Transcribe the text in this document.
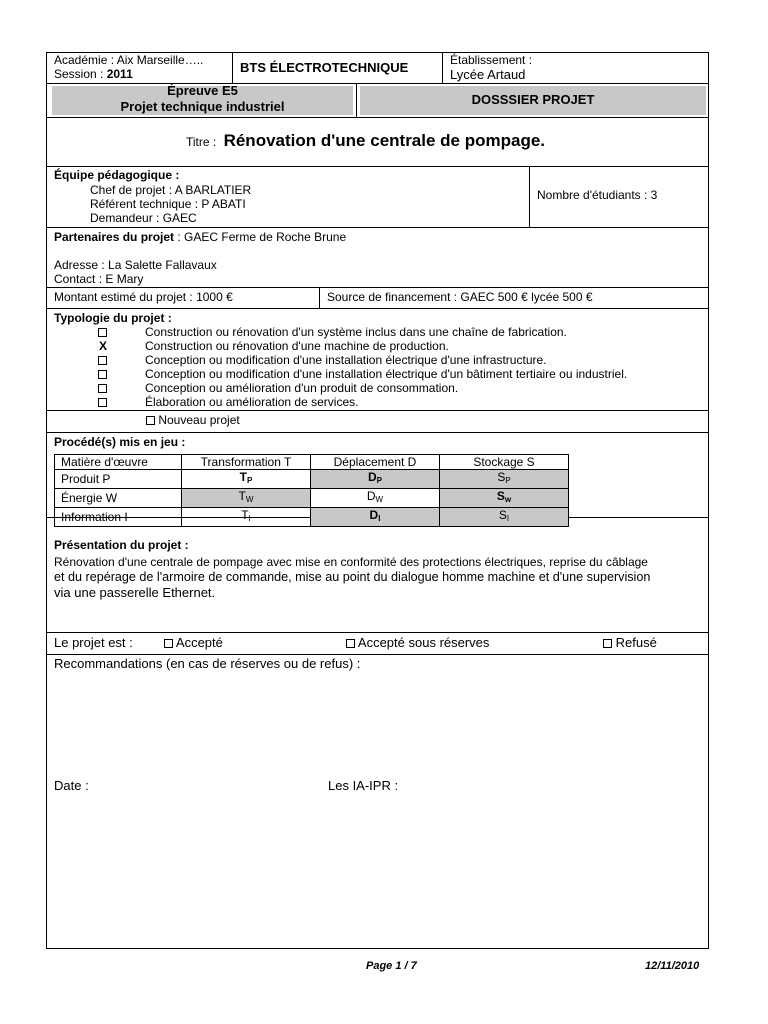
Académie : Aix Marseille…..
Session : 2011	BTS ÉLECTROTECHNIQUE	Établissement :
Lycée Artaud
Épreuve E5
Projet technique industriel	DOSSSIER PROJET
Titre : Rénovation d'une centrale de pompage.
Équipe pédagogique :
Chef de projet : A BARLATIER
Référent technique : P ABATI
Demandeur : GAEC
Nombre d'étudiants : 3
Partenaires du projet : GAEC Ferme de Roche Brune
Adresse : La Salette Fallavaux
Contact : E Mary
Montant estimé du projet : 1000 €	Source de financement : GAEC 500 € lycée 500 €
Typologie du projet :
Construction ou rénovation d'un système inclus dans une chaîne de fabrication.
X	Construction ou rénovation d'une machine de production.
Conception ou modification d'une installation électrique d'une infrastructure.
Conception ou modification d'une installation électrique d'un bâtiment tertiaire ou industriel.
Conception ou amélioration d'un produit de consommation.
Élaboration ou amélioration de services.
Nouveau projet
Procédé(s) mis en jeu :
Matière d'œuvre	Transformation T	Déplacement D	Stockage S
Produit P	$T_P$	$D_P$	$S_P$
Énergie W	$T_W$	$D_W$	$S_w$
Information I	$T_I$	$D_I$	$S_I$
Présentation du projet :
Rénovation d'une centrale de pompage avec mise en conformité des protections électriques, reprise du câblage
et du repérage de l'armoire de commande, mise au point du dialogue homme machine et d'une supervision
via une passerelle Ethernet.
Le projet est :	Accepté	Accepté sous réserves	Refusé
Recommandations (en cas de réserves ou de refus) :
Date :	Les IA-IPR :
Page 1 / 7	12/11/2010
